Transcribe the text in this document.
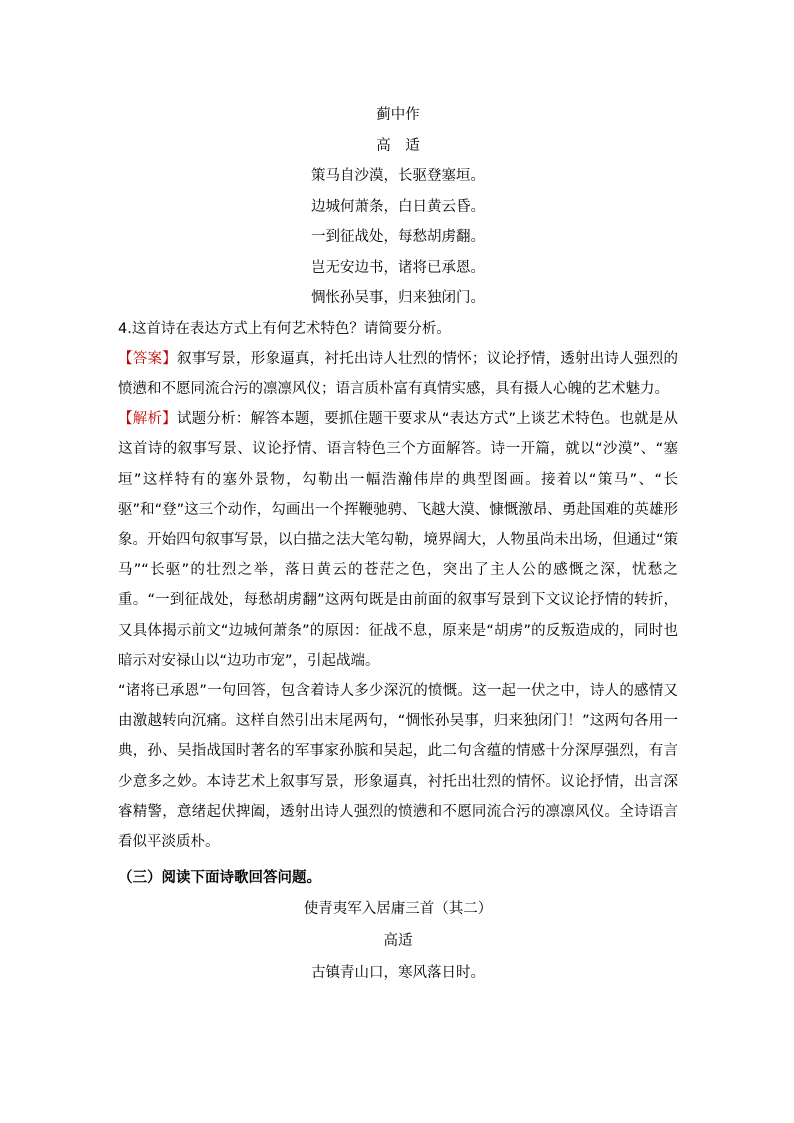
蓟中作
高　适
策马自沙漠，长驱登塞垣。
边城何萧条，白日黄云昏。
一到征战处，每愁胡虏翻。
岂无安边书，诸将已承恩。
惆怅孙吴事，归来独闭门。

4.这首诗在表达方式上有何艺术特色？请简要分析。

【答案】叙事写景，形象逼真，衬托出诗人壮烈的情怀；议论抒情，透射出诗人强烈的愤懑和不愿同流合污的凛凛风仪；语言质朴富有真情实感，具有摄人心魄的艺术魅力。

【解析】试题分析：解答本题，要抓住题干要求从“表达方式”上谈艺术特色。也就是从这首诗的叙事写景、议论抒情、语言特色三个方面解答。诗一开篇，就以“沙漠”、“塞垣”这样特有的塞外景物，勾勒出一幅浩瀚伟岸的典型图画。接着以“策马”、“长驱”和“登”这三个动作，勾画出一个挥鞭驰骋、飞越大漠、慷慨激昂、勇赴国难的英雄形象。开始四句叙事写景，以白描之法大笔勾勒，境界阔大，人物虽尚未出场，但通过“策马”“长驱”的壮烈之举，落日黄云的苍茫之色，突出了主人公的感慨之深，忧愁之重。“一到征战处，每愁胡虏翻”这两句既是由前面的叙事写景到下文议论抒情的转折，又具体揭示前文“边城何萧条”的原因：征战不息，原来是“胡虏”的反叛造成的，同时也暗示对安禄山以“边功市宠”，引起战端。

“诸将已承恩”一句回答，包含着诗人多少深沉的愤慨。这一起一伏之中，诗人的感情又由激越转向沉痛。这样自然引出末尾两句，“惆怅孙吴事，归来独闭门！”这两句各用一典，孙、吴指战国时著名的军事家孙膑和吴起，此二句含蕴的情感十分深厚强烈，有言少意多之妙。本诗艺术上叙事写景，形象逼真，衬托出壮烈的情怀。议论抒情，出言深睿精警，意绪起伏捭阖，透射出诗人强烈的愤懑和不愿同流合污的凛凛风仪。全诗语言看似平淡质朴。

（三）阅读下面诗歌回答问题。

使青夷军入居庸三首（其二）
高适
古镇青山口，寒风落日时。
